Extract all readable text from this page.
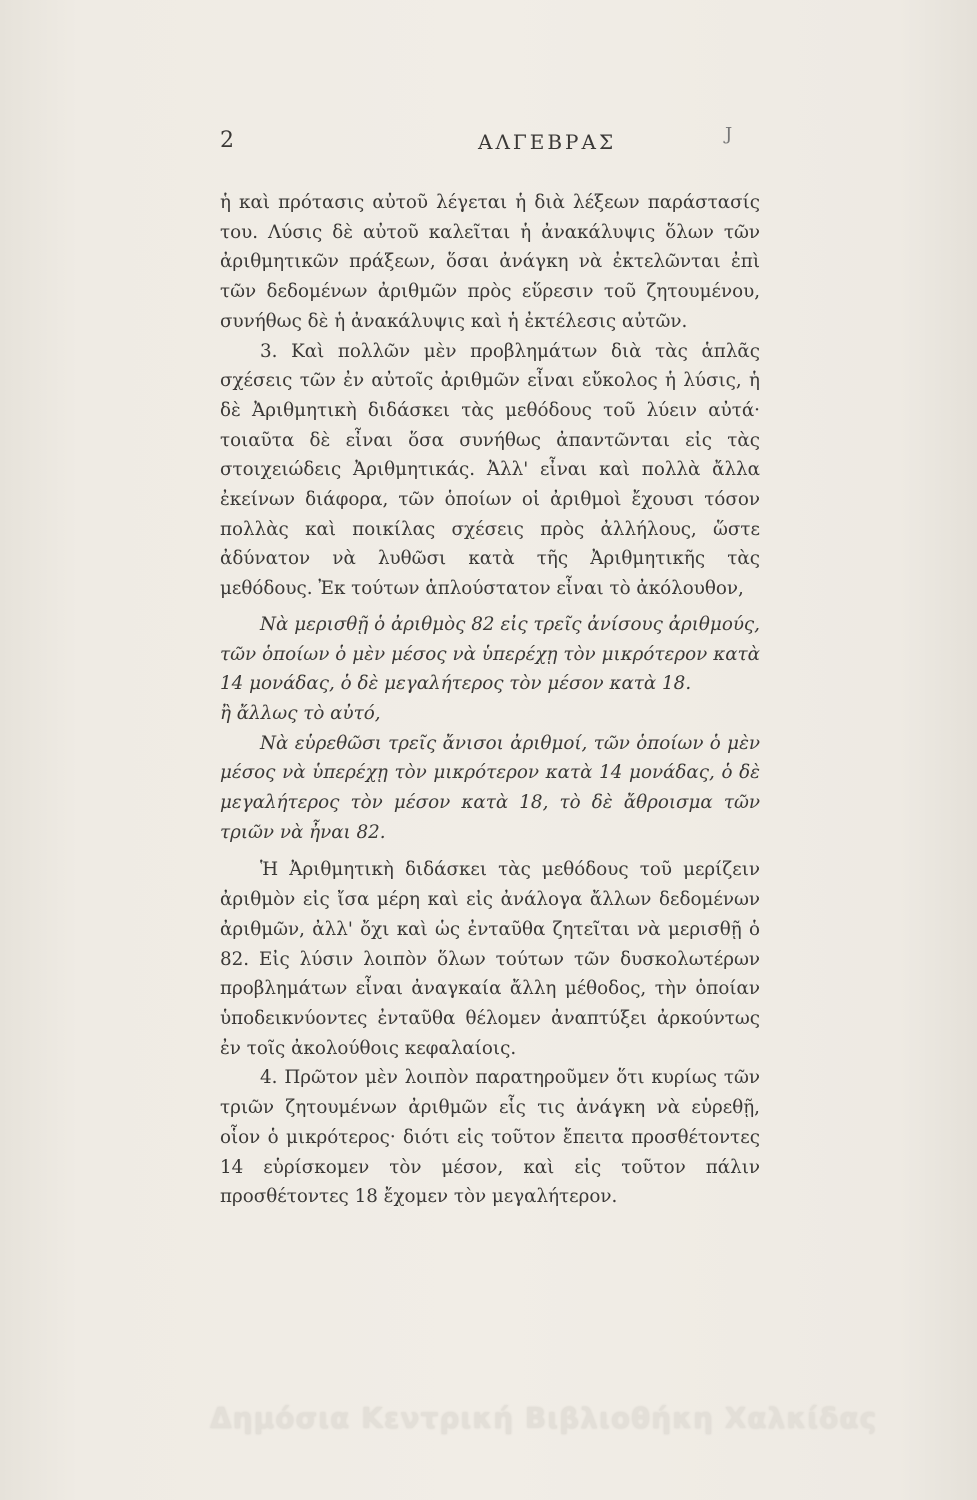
2	ΑΛΓΕΒΡΑΣ	J

ἡ καὶ πρότασις αὐτοῦ λέγεται ἡ διὰ λέξεων παράστασίς του. Λύσις δὲ αὐτοῦ καλεῖται ἡ ἀνακάλυψις ὅλων τῶν ἀριθμητικῶν πράξεων, ὅσαι ἀνάγκη νὰ ἐκτελῶνται ἐπὶ τῶν δεδομένων ἀριθμῶν πρὸς εὕρεσιν τοῦ ζητουμένου, συνήθως δὲ ἡ ἀνακάλυψις καὶ ἡ ἐκτέλεσις αὐτῶν.

3. Καὶ πολλῶν μὲν προβλημάτων διὰ τὰς ἁπλᾶς σχέσεις τῶν ἐν αὐτοῖς ἀριθμῶν εἶναι εὔκολος ἡ λύσις, ἡ δὲ Ἀριθμητικὴ διδάσκει τὰς μεθόδους τοῦ λύειν αὐτά· τοιαῦτα δὲ εἶναι ὅσα συνήθως ἀπαντῶνται εἰς τὰς στοιχειώδεις Ἀριθμητικάς. Ἀλλ' εἶναι καὶ πολλὰ ἄλλα ἐκείνων διάφορα, τῶν ὁποίων οἱ ἀριθμοὶ ἔχουσι τόσον πολλὰς καὶ ποικίλας σχέσεις πρὸς ἀλλήλους, ὥστε ἀδύνατον νὰ λυθῶσι κατὰ τῆς Ἀριθμητικῆς τὰς μεθόδους. Ἐκ τούτων ἁπλούστατον εἶναι τὸ ἀκόλουθον,

Νὰ μερισθῇ ὁ ἀριθμὸς 82 εἰς τρεῖς ἀνίσους ἀριθμούς, τῶν ὁποίων ὁ μὲν μέσος νὰ ὑπερέχῃ τὸν μικρότερον κατὰ 14 μονάδας, ὁ δὲ μεγαλήτερος τὸν μέσον κατὰ 18.

ἢ ἄλλως τὸ αὐτό,

Νὰ εὑρεθῶσι τρεῖς ἄνισοι ἀριθμοί, τῶν ὁποίων ὁ μὲν μέσος νὰ ὑπερέχῃ τὸν μικρότερον κατὰ 14 μονάδας, ὁ δὲ μεγαλήτερος τὸν μέσον κατὰ 18, τὸ δὲ ἄθροισμα τῶν τριῶν νὰ ἦναι 82.

Ἡ Ἀριθμητικὴ διδάσκει τὰς μεθόδους τοῦ μερίζειν ἀριθμὸν εἰς ἴσα μέρη καὶ εἰς ἀνάλογα ἄλλων δεδομένων ἀριθμῶν, ἀλλ' ὄχι καὶ ὡς ἐνταῦθα ζητεῖται νὰ μερισθῇ ὁ 82. Εἰς λύσιν λοιπὸν ὅλων τούτων τῶν δυσκολωτέρων προβλημάτων εἶναι ἀναγκαία ἄλλη μέθοδος, τὴν ὁποίαν ὑποδεικνύοντες ἐνταῦθα θέλομεν ἀναπτύξει ἀρκούντως ἐν τοῖς ἀκολούθοις κεφαλαίοις.

4. Πρῶτον μὲν λοιπὸν παρατηροῦμεν ὅτι κυρίως τῶν τριῶν ζητουμένων ἀριθμῶν εἷς τις ἀνάγκη νὰ εὑρεθῇ, οἷον ὁ μικρότερος· διότι εἰς τοῦτον ἔπειτα προσθέτοντες 14 εὑρίσκομεν τὸν μέσον, καὶ εἰς τοῦτον πάλιν προσθέτοντες 18 ἔχομεν τὸν μεγαλήτερον.

Δημόσια Κεντρική Βιβλιοθήκη Χαλκίδας
